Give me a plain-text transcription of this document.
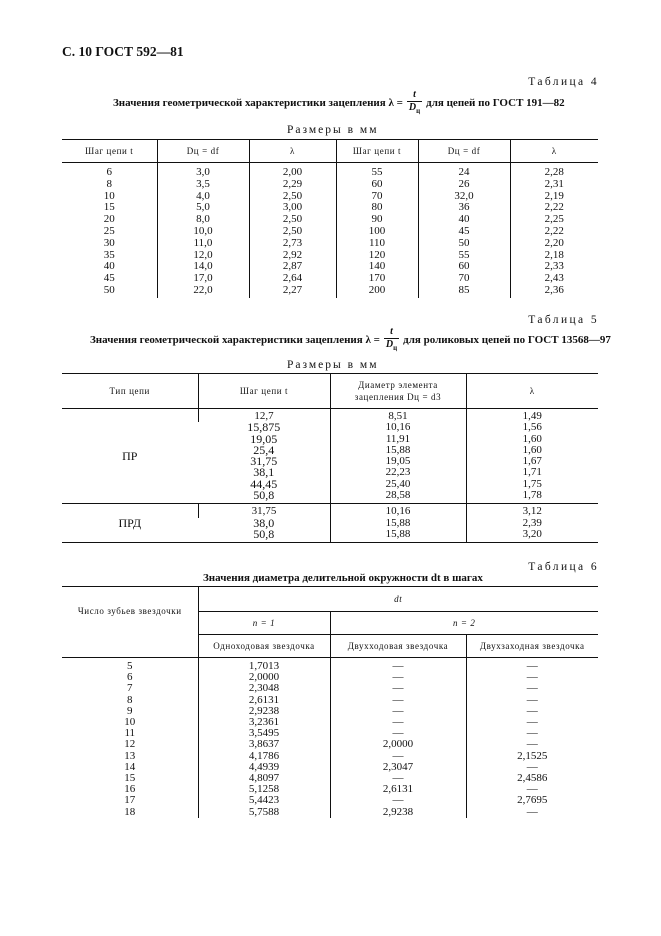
С. 10 ГОСТ 592—81
Таблица 4
Значения геометрической характеристики зацепления $\lambda = \frac{t}{D_ц}$ для цепей по ГОСТ 191—82
Размеры в мм
Шаг цепи t	Dц = df	λ	Шаг цепи t	Dц = df	λ
6	3,0	2,00	55	24	2,28
8	3,5	2,29	60	26	2,31
10	4,0	2,50	70	32,0	2,19
15	5,0	3,00	80	36	2,22
20	8,0	2,50	90	40	2,25
25	10,0	2,50	100	45	2,22
30	11,0	2,73	110	50	2,20
35	12,0	2,92	120	55	2,18
40	14,0	2,87	140	60	2,33
45	17,0	2,64	170	70	2,43
50	22,0	2,27	200	85	2,36
Таблица 5
Значения геометрической характеристики зацепления $\lambda = \frac{t}{D_ц}$ для роликовых цепей по ГОСТ 13568—97
Размеры в мм
Тип цепи	Шаг цепи t	Диаметр элемента зацепления Dц = d3	λ
ПР	12,7	8,51	1,49
	15,875	10,16	1,56
	19,05	11,91	1,60
	25,4	15,88	1,60
	31,75	19,05	1,67
	38,1	22,23	1,71
	44,45	25,40	1,75
	50,8	28,58	1,78
ПРД	31,75	10,16	3,12
	38,0	15,88	2,39
	50,8	15,88	3,20
Таблица 6
Значения диаметра делительной окружности dt в шагах
Число зубьев звездочки	dt		
	n = 1	n = 2	
	Одноходовая звездочка	Двухходовая звездочка	Двухзаходная звездочка
5	1,7013	—	—
6	2,0000	—	—
7	2,3048	—	—
8	2,6131	—	—
9	2,9238	—	—
10	3,2361	—	—
11	3,5495	—	—
12	3,8637	2,0000	—
13	4,1786	—	2,1525
14	4,4939	2,3047	—
15	4,8097	—	2,4586
16	5,1258	2,6131	—
17	5,4423	—	2,7695
18	5,7588	2,9238	—
